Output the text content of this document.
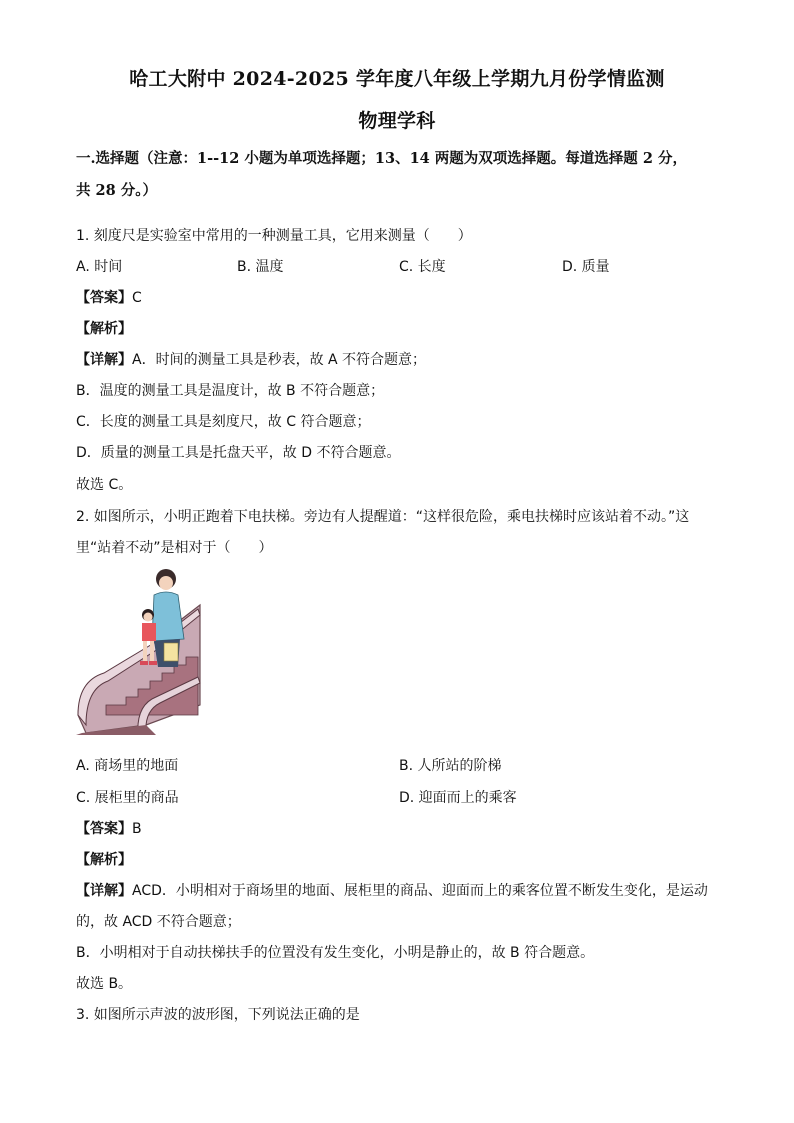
哈工大附中 2024-2025 学年度八年级上学期九月份学情监测
物理学科
一.选择题（注意：1--12 小题为单项选择题；13、14 两题为双项选择题。每道选择题 2 分，
共 28 分。）
1. 刻度尺是实验室中常用的一种测量工具，它用来测量（　　）
A. 时间	B. 温度	C. 长度	D. 质量
【答案】C
【解析】
【详解】A．时间的测量工具是秒表，故 A 不符合题意；
B．温度的测量工具是温度计，故 B 不符合题意；
C．长度的测量工具是刻度尺，故 C 符合题意；
D．质量的测量工具是托盘天平，故 D 不符合题意。
故选 C。
2. 如图所示，小明正跑着下电扶梯。旁边有人提醒道：“这样很危险，乘电扶梯时应该站着不动。”这
里“站着不动”是相对于（　　）
A. 商场里的地面	B. 人所站的阶梯
C. 展柜里的商品	D. 迎面而上的乘客
【答案】B
【解析】
【详解】ACD．小明相对于商场里的地面、展柜里的商品、迎面而上的乘客位置不断发生变化，是运动
的，故 ACD 不符合题意；
B．小明相对于自动扶梯扶手的位置没有发生变化，小明是静止的，故 B 符合题意。
故选 B。
3. 如图所示声波的波形图，下列说法正确的是
